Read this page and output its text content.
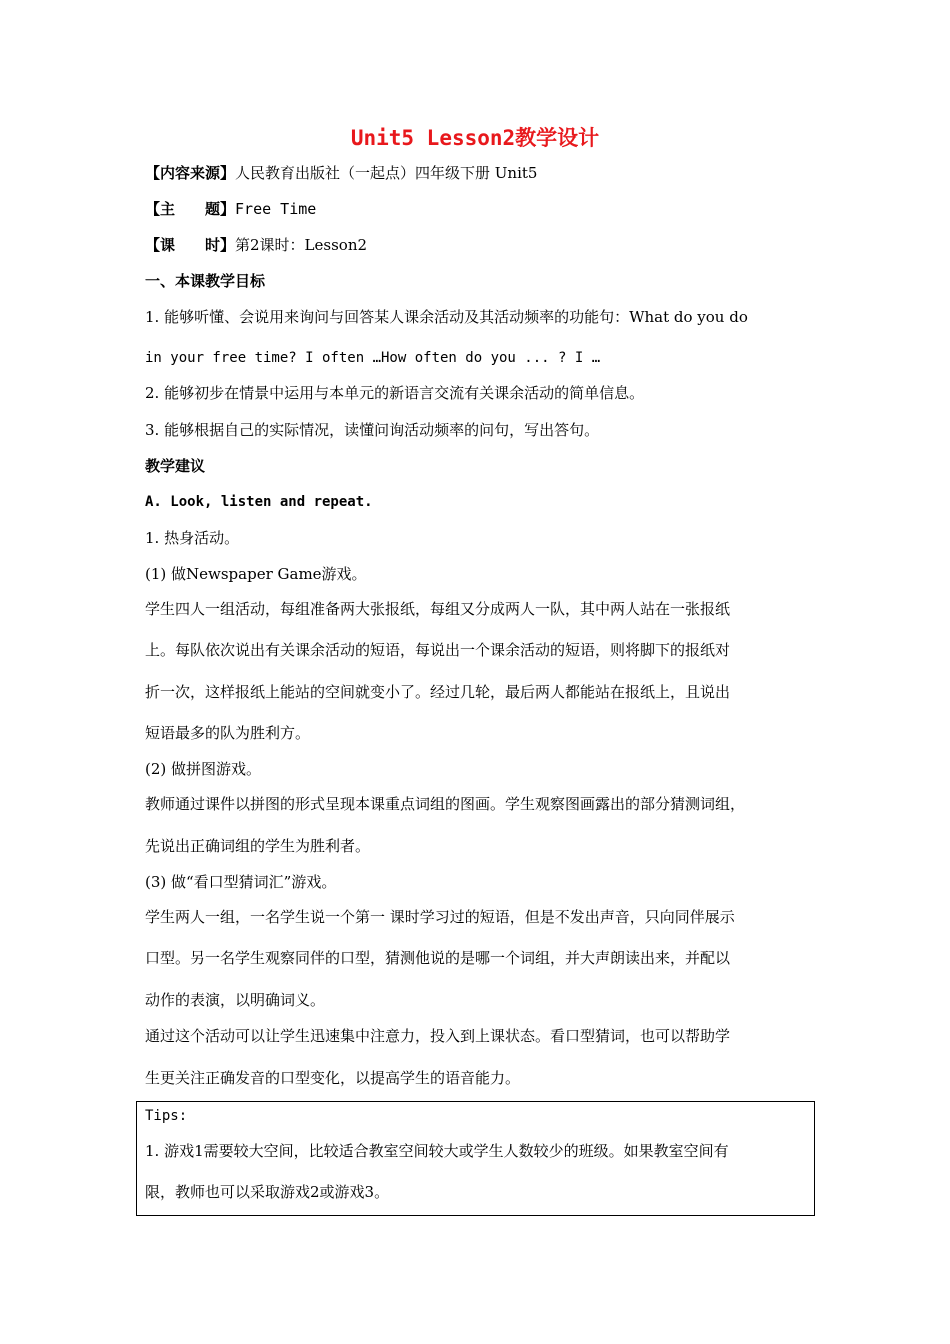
Unit5 Lesson2教学设计
【内容来源】人民教育出版社（一起点）四年级下册 Unit5
【主　　题】Free Time
【课　　时】第2课时：Lesson2
一、本课教学目标
1. 能够听懂、会说用来询问与回答某人课余活动及其活动频率的功能句：What do you do
in your free time? I often …How often do you ... ? I …
2. 能够初步在情景中运用与本单元的新语言交流有关课余活动的简单信息。
3. 能够根据自己的实际情况，读懂问询活动频率的问句，写出答句。
教学建议
A. Look, listen and repeat.
1. 热身活动。
(1) 做Newspaper Game游戏。
学生四人一组活动，每组准备两大张报纸，每组又分成两人一队，其中两人站在一张报纸
上。每队依次说出有关课余活动的短语，每说出一个课余活动的短语，则将脚下的报纸对
折一次，这样报纸上能站的空间就变小了。经过几轮，最后两人都能站在报纸上，且说出
短语最多的队为胜利方。
(2) 做拼图游戏。
教师通过课件以拼图的形式呈现本课重点词组的图画。学生观察图画露出的部分猜测词组，
先说出正确词组的学生为胜利者。
(3) 做“看口型猜词汇”游戏。
学生两人一组，一名学生说一个第一 课时学习过的短语，但是不发出声音，只向同伴展示
口型。另一名学生观察同伴的口型，猜测他说的是哪一个词组，并大声朗读出来，并配以
动作的表演，以明确词义。
通过这个活动可以让学生迅速集中注意力，投入到上课状态。看口型猜词，也可以帮助学
生更关注正确发音的口型变化，以提高学生的语音能力。
Tips:
1. 游戏1需要较大空间，比较适合教室空间较大或学生人数较少的班级。如果教室空间有
限，教师也可以采取游戏2或游戏3。
